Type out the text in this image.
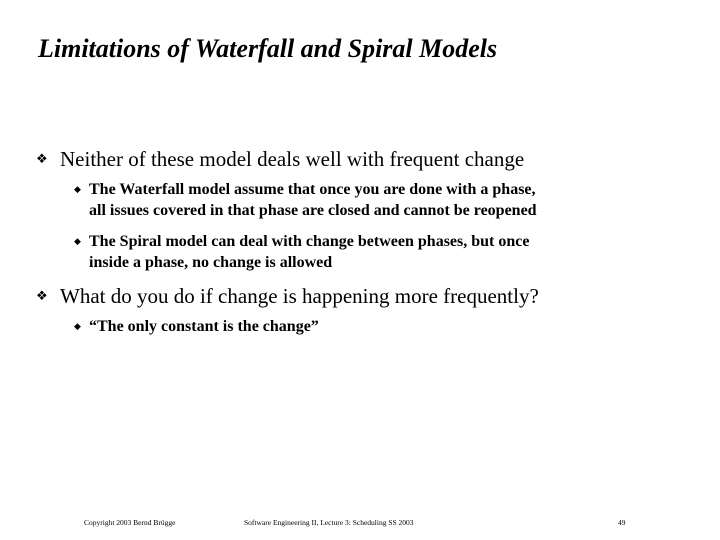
Limitations of Waterfall and Spiral Models
❖ Neither of these model deals well with frequent change
◆ The Waterfall model assume that once you are done with a phase,
all issues covered in that phase are closed and cannot be reopened
◆ The Spiral model can deal with change between phases, but once
inside a phase, no change is allowed
❖ What do you do if change is happening more frequently?
◆ “The only constant is the change”
Copyright 2003 Bernd Brügge	Software Engineering II, Lecture 3: Scheduling SS 2003	49
